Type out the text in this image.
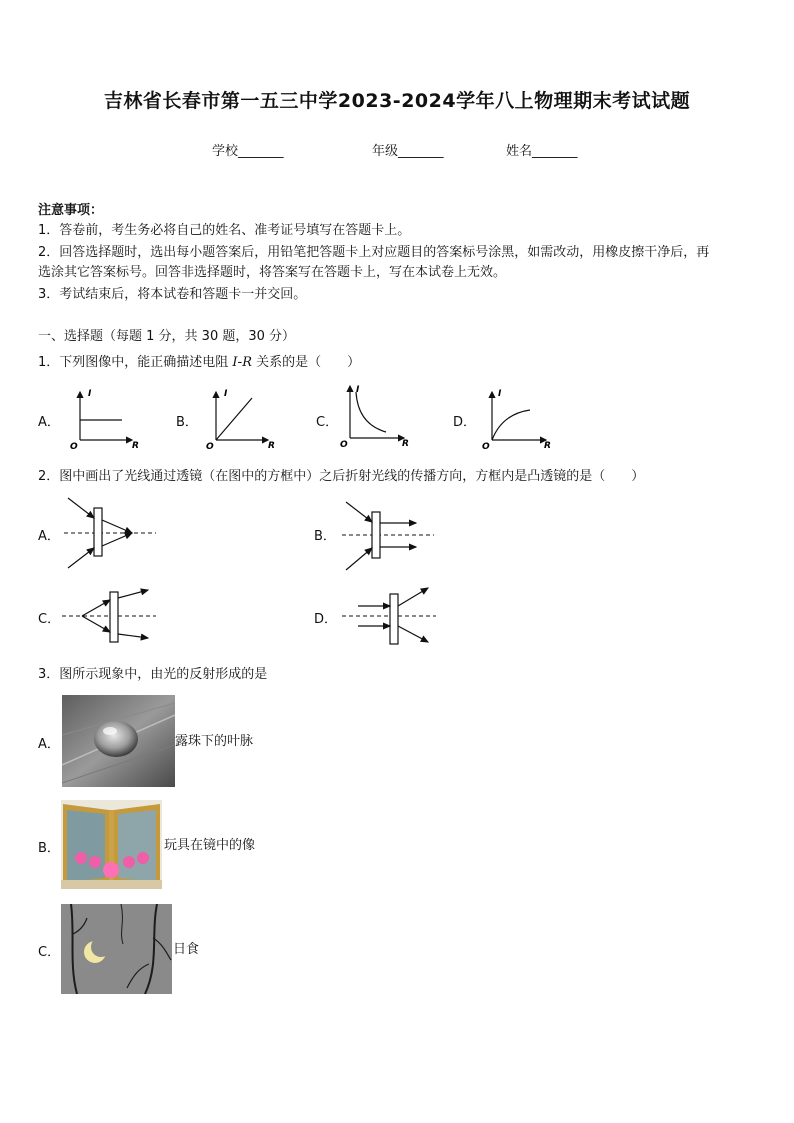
吉林省长春市第一五三中学2023-2024学年八上物理期末考试试题
学校_______	年级_______	姓名_______
注意事项：
1．答卷前，考生务必将自己的姓名、准考证号填写在答题卡上。
2．回答选择题时，选出每小题答案后，用铅笔把答题卡上对应题目的答案标号涂黑，如需改动，用橡皮擦干净后，再
选涂其它答案标号。回答非选择题时，将答案写在答题卡上，写在本试卷上无效。
3．考试结束后，将本试卷和答题卡一并交回。
一、选择题（每题 1 分，共 30 题，30 分）
1．下列图像中，能正确描述电阻 I-R 关系的是（　　）
A．	B．	C．	D．
I
R
O
I
R
O
I
R
O
I
R
O
2．图中画出了光线通过透镜（在图中的方框中）之后折射光线的传播方向，方框内是凸透镜的是（　　）
A．	B．
C．	D．
3．图所示现象中，由光的反射形成的是
A．	露珠下的叶脉
B．	玩具在镜中的像
C．	日食
